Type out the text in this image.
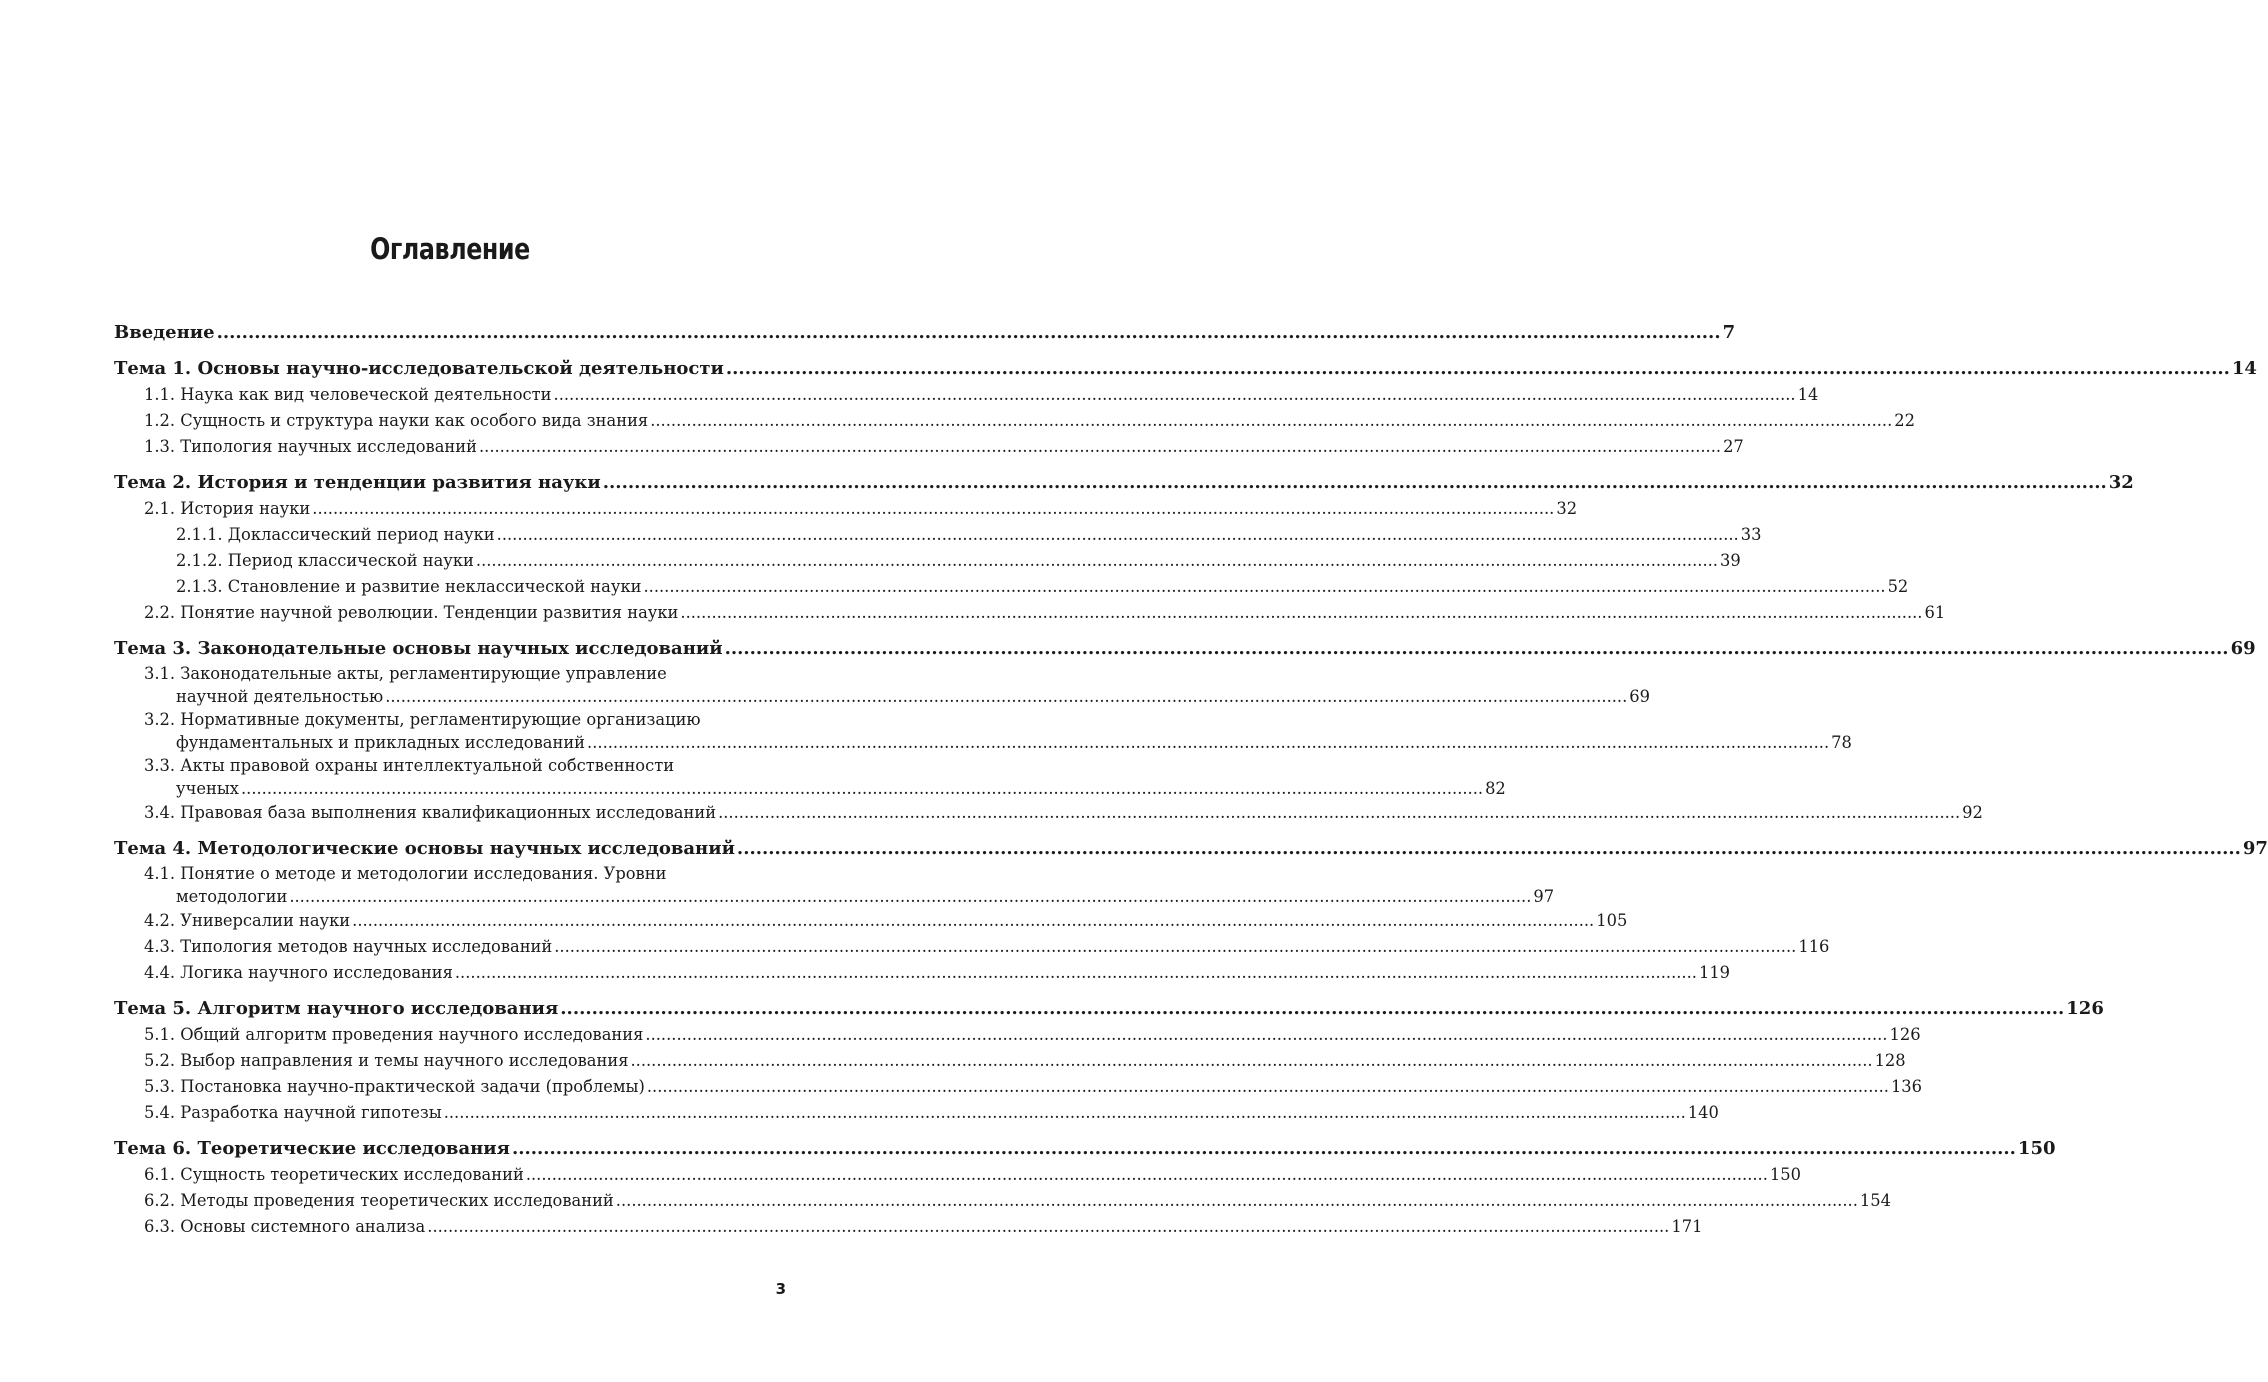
Оглавление
Введение .....	7
Тема 1. Основы научно-исследовательской деятельности .....	14
1.1. Наука как вид человеческой деятельности .....	14
1.2. Сущность и структура науки как особого вида знания .....	22
1.3. Типология научных исследований .....	27
Тема 2. История и тенденции развития науки .....	32
2.1. История науки .....	32
2.1.1. Доклассический период науки .....	33
2.1.2. Период классической науки .....	39
2.1.3. Становление и развитие неклассической науки .....	52
2.2. Понятие научной революции. Тенденции развития науки .....	61
Тема 3. Законодательные основы научных исследований .....	69
3.1. Законодательные акты, регламентирующие управление
научной деятельностью .....	69
3.2. Нормативные документы, регламентирующие организацию
фундаментальных и прикладных исследований .....	78
3.3. Акты правовой охраны интеллектуальной собственности
ученых .....	82
3.4. Правовая база выполнения квалификационных исследований .....	92
Тема 4. Методологические основы научных исследований .....	97
4.1. Понятие о методе и методологии исследования. Уровни
методологии .....	97
4.2. Универсалии науки .....	105
4.3. Типология методов научных исследований .....	116
4.4. Логика научного исследования .....	119
Тема 5. Алгоритм научного исследования .....	126
5.1. Общий алгоритм проведения научного исследования .....	126
5.2. Выбор направления и темы научного исследования .....	128
5.3. Постановка научно-практической задачи (проблемы) .....	136
5.4. Разработка научной гипотезы .....	140
Тема 6. Теоретические исследования .....	150
6.1. Сущность теоретических исследований .....	150
6.2. Методы проведения теоретических исследований .....	154
6.3. Основы системного анализа .....	171
3
